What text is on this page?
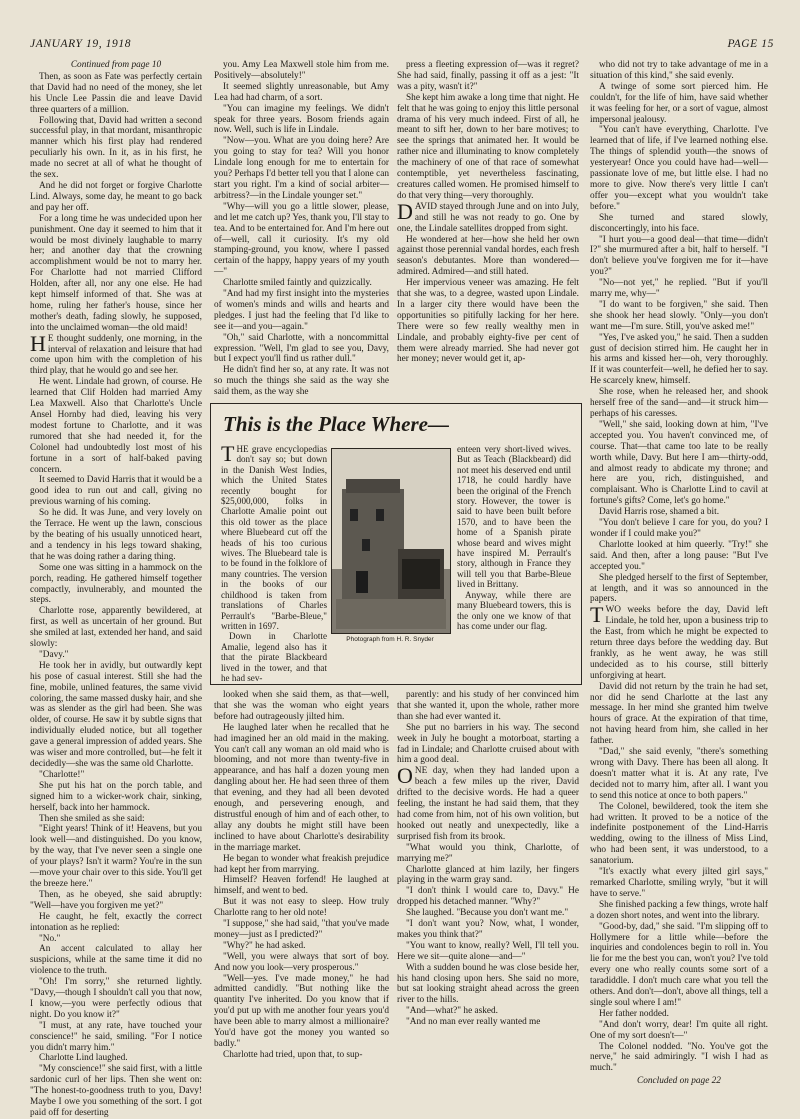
JANUARY 19, 1918	PAGE 15

Continued from page 10

Then, as soon as Fate was perfectly certain that David had no need of the money, she let his Uncle Lee Passin die and leave David three quarters of a million.

Following that, David had written a second successful play, in that mordant, misanthropic manner which his first play had rendered peculiarly his own. In it, as in his first, he made no secret at all of what he thought of the sex.

And he did not forget or forgive Charlotte Lind. Always, some day, he meant to go back and pay her off.

For a long time he was undecided upon her punishment. One day it seemed to him that it would be most divinely laughable to marry her; and another day that the crowning accomplishment would be not to marry her. For Charlotte had not married Clifford Holden, after all, nor any one else. He had kept himself informed of that. She was at home, ruling her father's house, since her mother's death, fading slowly, he supposed, into the unclaimed woman—the old maid!

H E thought suddenly, one morning, in the interval of relaxation and leisure that had come upon him with the completion of his third play, that he would go and see her.

He went. Lindale had grown, of course. He learned that Clif Holden had married Amy Lea Maxwell. Also that Charlotte's Uncle Ansel Hornby had died, leaving his very modest fortune to Charlotte, and it was rumored that she had needed it, for the Colonel had undoubtedly lost most of his fortune in a sort of half-baked paving concern.

It seemed to David Harris that it would be a good idea to run out and call, giving no previous warning of his coming.

So he did. It was June, and very lovely on the Terrace. He went up the lawn, conscious by the beating of his usually unnoticed heart, and a tendency in his legs toward shaking, that he was doing rather a daring thing.

Some one was sitting in a hammock on the porch, reading. He gathered himself together compactly, invulnerably, and mounted the steps.

Charlotte rose, apparently bewildered, at first, as well as uncertain of her ground. But she smiled at last, extended her hand, and said slowly:

"Davy."

He took her in avidly, but outwardly kept his pose of casual interest. Still she had the fine, mobile, unlined features, the same vivid coloring, the same massed dusky hair, and she was as slender as the girl had been. She was older, of course. He saw it by subtle signs that individually eluded notice, but all together gave a general impression of added years. She was wiser and more controlled, but—he felt it decidedly—she was the same old Charlotte.

"Charlotte!"

She put his hat on the porch table, and signed him to a wicker-work chair, sinking, herself, back into her hammock.

Then she smiled as she said:

"Eight years! Think of it! Heavens, but you look well—and distinguished. Do you know, by the way, that I've never seen a single one of your plays? Isn't it warm? You're in the sun—move your chair over to this side. You'll get the breeze here."

Then, as he obeyed, she said abruptly: "Well—have you forgiven me yet?"

He caught, he felt, exactly the correct intonation as he replied:

"No."

An accent calculated to allay her suspicions, while at the same time it did no violence to the truth.

"Oh! I'm sorry," she returned lightly. "Davy,—though I shouldn't call you that now, I know,—you were perfectly odious that night. Do you know it?"

"I must, at any rate, have touched your conscience!" he said, smiling. "For I notice you didn't marry him."

Charlotte Lind laughed.

"My conscience!" she said first, with a little sardonic curl of her lips. Then she went on: "The honest-to-goodness truth to you, Davy! Maybe I owe you something of the sort. I got paid off for deserting

you. Amy Lea Maxwell stole him from me. Positively—absolutely!"

It seemed slightly unreasonable, but Amy Lea had had charm, of a sort.

"You can imagine my feelings. We didn't speak for three years. Bosom friends again now. Well, such is life in Lindale.

"Now—you. What are you doing here? Are you going to stay for tea? Will you honor Lindale long enough for me to entertain for you? Perhaps I'd better tell you that I alone can start you right. I'm a kind of social arbiter—arbitress?—in the Lindale younger set."

"Why—will you go a little slower, please, and let me catch up? Yes, thank you, I'll stay to tea. And to be entertained for. And I'm here out of—well, call it curiosity. It's my old stamping-ground, you know, where I passed certain of the happy, happy years of my youth—"

Charlotte smiled faintly and quizzically.

"And had my first insight into the mysteries of women's minds and wills and hearts and pledges. I just had the feeling that I'd like to see it—and you—again."

"Oh," said Charlotte, with a noncommittal expression. "Well, I'm glad to see you, Davy, but I expect you'll find us rather dull."

He didn't find her so, at any rate. It was not so much the things she said as the way she said them, as the way she

press a fleeting expression of—was it regret? She had said, finally, passing it off as a jest: "It was a pity, wasn't it?"

She kept him awake a long time that night. He felt that he was going to enjoy this little personal drama of his very much indeed. First of all, he meant to sift her, down to her bare motives; to see the springs that animated her. It would be rather nice and illuminating to know completely the machinery of one of that race of somewhat contemptible, yet nevertheless fascinating, creatures called women. He promised himself to do that very thing—very thoroughly.

DAVID stayed through June and on into July, and still he was not ready to go. One by one, the Lindale satellites dropped from sight.

He wondered at her—how she held her own against those perennial vandal hordes, each fresh season's debutantes. More than wondered—admired. Admired—and still hated.

Her impervious veneer was amazing. He felt that she was, to a degree, wasted upon Lindale. In a larger city there would have been the opportunities so pitifully lacking for her here. There were so few really wealthy men in Lindale, and probably eighty-five per cent of them were already married. She had never got her money; never would get it, ap-

who did not try to take advantage of me in a situation of this kind," she said evenly.

A twinge of some sort pierced him. He couldn't, for the life of him, have said whether it was feeling for her, or a sort of vague, almost impersonal jealousy.

"You can't have everything, Charlotte. I've learned that of life, if I've learned nothing else. The things of splendid youth—the snows of yesteryear! Once you could have had—well—passionate love of me, but little else. I had no more to give. Now there's very little I can't offer you—except what you wouldn't take before."

She turned and stared slowly, disconcertingly, into his face.

"I hurt you—a good deal—that time—didn't I?" she murmured after a bit, half to herself. "I don't believe you've forgiven me for it—have you?"

"No—not yet," he replied. "But if you'll marry me, why—"

"I do want to be forgiven," she said. Then she shook her head slowly. "Only—you don't want me—I'm sure. Still, you've asked me!"

"Yes, I've asked you," he said. Then a sudden gust of decision stirred him. He caught her in his arms and kissed her—oh, very thoroughly. If it was counterfeit—well, he defied her to say. He scarcely knew, himself.

She rose, when he released her, and shook herself free of the sand—and—it struck him—perhaps of his caresses.

"Well," she said, looking down at him, "I've accepted you. You haven't convinced me, of course. That—that came too late to be really worth while, Davy. But here I am—thirty-odd, and almost ready to abdicate my throne; and here are you, rich, distinguished, and complaisant. Who is Charlotte Lind to cavil at fortune's gifts? Come, let's go home."

David Harris rose, shamed a bit.

"You don't believe I care for you, do you? I wonder if I could make you?"

Charlotte looked at him queerly. "Try!" she said. And then, after a long pause: "But I've accepted you."

She pledged herself to the first of September, at length, and it was so announced in the papers.

TWO weeks before the day, David left Lindale, he told her, upon a business trip to the East, from which he might be expected to return three days before the wedding day. But frankly, as he went away, he was still undecided as to his course, still bitterly unforgiving at heart.

David did not return by the train he had set, nor did he send Charlotte at the last any message. In her mind she granted him twelve hours of grace. At the expiration of that time, not having heard from him, she called in her father.

"Dad," she said evenly, "there's something wrong with Davy. There has been all along. It doesn't matter what it is. At any rate, I've decided not to marry him, after all. I want you to send this notice at once to both papers."

The Colonel, bewildered, took the item she had written. It proved to be a notice of the indefinite postponement of the Lind-Harris wedding, owing to the illness of Miss Lind, who had been sent, it was understood, to a sanatorium.

"It's exactly what every jilted girl says," remarked Charlotte, smiling wryly, "but it will have to serve."

She finished packing a few things, wrote half a dozen short notes, and went into the library.

"Good-by, dad," she said. "I'm slipping off to Hollymere for a little while—before the inquiries and condolences begin to roll in. You lie for me the best you can, won't you? I've told every one who really counts some sort of a taradiddle. I don't much care what you tell the others. And don't—don't, above all things, tell a single soul where I am!"

Her father nodded.

"And don't worry, dear! I'm quite all right. One of my sort doesn't—"

The Colonel nodded. "No. You've got the nerve," he said admiringly. "I wish I had as much."

Concluded on page 22

This is the Place Where—

THE grave encyclopedias don't say so; but down in the Danish West Indies, which the United States recently bought for $25,000,000, folks in Charlotte Amalie point out this old tower as the place where Bluebeard cut off the heads of his too curious wives. The Bluebeard tale is to be found in the folklore of many countries. The version in the books of our childhood is taken from translations of Charles Perrault's "Barbe-Bleue," written in 1697.

Down in Charlotte Amalie, legend also has it that the pirate Blackbeard lived in the tower, and that he had sev-

Photograph from H. R. Snyder

enteen very short-lived wives. But as Teach (Blackbeard) did not meet his deserved end until 1718, he could hardly have been the original of the French story. However, the tower is said to have been built before 1570, and to have been the home of a Spanish pirate whose beard and wives might have inspired M. Perrault's story, although in France they will tell you that Barbe-Bleue lived in Brittany.

Anyway, while there are many Bluebeard towers, this is the only one we know of that has come under our flag.

looked when she said them, as that—well, that she was the woman who eight years before had outrageously jilted him.

He laughed later when he recalled that he had imagined her an old maid in the making. You can't call any woman an old maid who is blooming, and not more than twenty-five in appearance, and has half a dozen young men dangling about her. He had seen three of them that evening, and they had all been devoted enough, and persevering enough, and distrustful enough of him and of each other, to allay any doubts he might still have been inclined to have about Charlotte's desirability in the marriage market.

He began to wonder what freakish prejudice had kept her from marrying.

Himself? Heaven forfend! He laughed at himself, and went to bed.

But it was not easy to sleep. How truly Charlotte rang to her old note!

"I suppose," she had said, "that you've made money—just as I predicted?"

"Why?" he had asked.

"Well, you were always that sort of boy. And now you look—very prosperous."

"Well—yes. I've made money," he had admitted candidly. "But nothing like the quantity I've inherited. Do you know that if you'd put up with me another four years you'd have been able to marry almost a millionaire? You'd have got the money you wanted so badly."

Charlotte had tried, upon that, to sup-

parently: and his study of her convinced him that she wanted it, upon the whole, rather more than she had ever wanted it.

She put no barriers in his way. The second week in July he bought a motorboat, starting a fad in Lindale; and Charlotte cruised about with him a good deal.

ONE day, when they had landed upon a beach a few miles up the river, David drifted to the decisive words. He had a queer feeling, the instant he had said them, that they had come from him, not of his own volition, but hooked out neatly and unexpectedly, like a surprised fish from its brook.

"What would you think, Charlotte, of marrying me?"

Charlotte glanced at him lazily, her fingers playing in the warm gray sand.

"I don't think I would care to, Davy." He dropped his detached manner. "Why?"

She laughed. "Because you don't want me."

"I don't want you? Now, what, I wonder, makes you think that?"

"You want to know, really? Well, I'll tell you. Here we sit—quite alone—and—"

With a sudden bound he was close beside her, his hand closing upon hers. She said no more, but sat looking straight ahead across the green river to the hills.

"And—what?" he asked.

"And no man ever really wanted me
